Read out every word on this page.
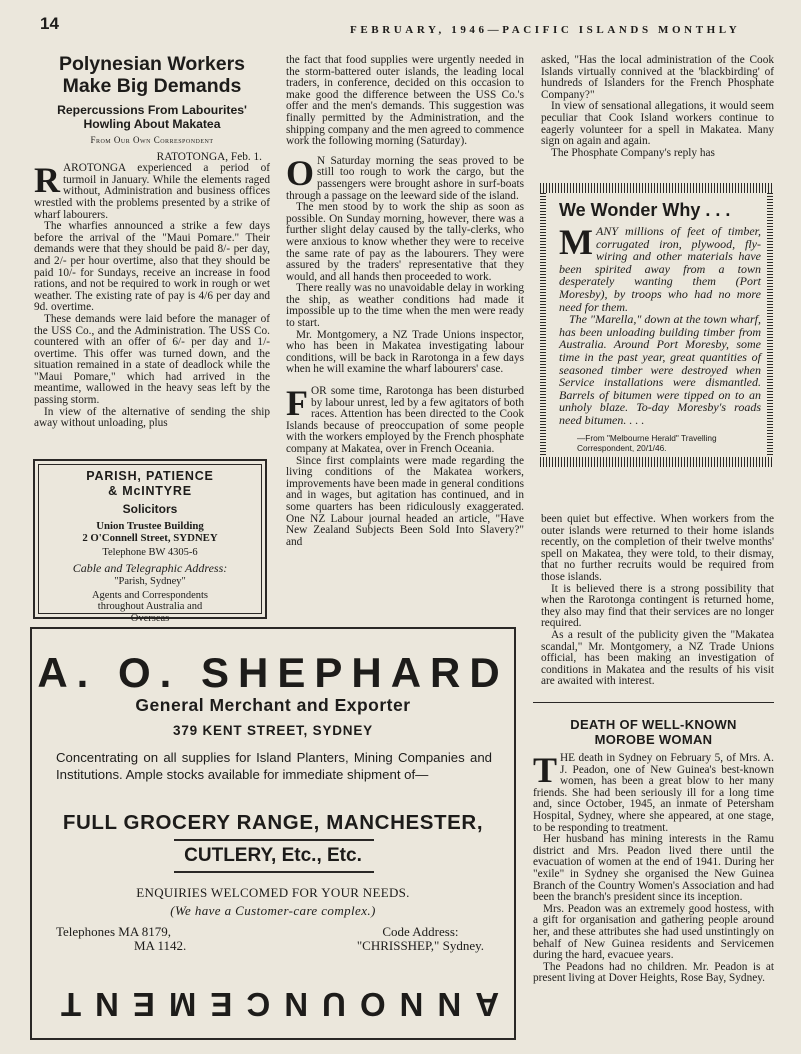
14	FEBRUARY, 1946—PACIFIC ISLANDS MONTHLY
Polynesian Workers
Make Big Demands
Repercussions From Labourites'
Howling About Makatea
From Our Own Correspondent
RATOTONGA, Feb. 1.

RAROTONGA experienced a period of turmoil in January. While the elements raged without, Administration and business offices wrestled with the problems presented by a strike of wharf labourers.

The wharfies announced a strike a few days before the arrival of the "Maui Pomare." Their demands were that they should be paid 8/- per day, and 2/- per hour overtime, also that they should be paid 10/- for Sundays, receive an increase in food rations, and not be required to work in rough or wet weather. The existing rate of pay is 4/6 per day and 9d. overtime.

These demands were laid before the manager of the USS Co., and the Administration. The USS Co. countered with an offer of 6/- per day and 1/- overtime. This offer was turned down, and the situation remained in a state of deadlock while the "Maui Pomare," which had arrived in the meantime, wallowed in the heavy seas left by the passing storm.

In view of the alternative of sending the ship away without unloading, plus

PARISH, PATIENCE
& McINTYRE
Solicitors
Union Trustee Building
2 O'Connell Street, SYDNEY
Telephone BW 4305-6
Cable and Telegraphic Address:
"Parish, Sydney"
Agents and Correspondents
throughout Australia and
Overseas

the fact that food supplies were urgently needed in the storm-battered outer islands, the leading local traders, in conference, decided on this occasion to make good the difference between the USS Co.'s offer and the men's demands. This suggestion was finally permitted by the Administration, and the shipping company and the men agreed to commence work the following morning (Saturday).

O N Saturday morning the seas proved to be still too rough to work the cargo, but the passengers were brought ashore in surf-boats through a passage on the leeward side of the island.

The men stood by to work the ship as soon as possible. On Sunday morning, however, there was a further slight delay caused by the tally-clerks, who were anxious to know whether they were to receive the same rate of pay as the labourers. They were assured by the traders' representative that they would, and all hands then proceeded to work.

There really was no unavoidable delay in working the ship, as weather conditions had made it impossible up to the time when the men were ready to start.

Mr. Montgomery, a NZ Trade Unions inspector, who has been in Makatea investigating labour conditions, will be back in Rarotonga in a few days when he will examine the wharf labourers' case.

FOR some time, Rarotonga has been disturbed by labour unrest, led by a few agitators of both races. Attention has been directed to the Cook Islands because of preoccupation of some people with the workers employed by the French phosphate company at Makatea, over in French Oceania.

Since first complaints were made regarding the living conditions of the Makatea workers, improvements have been made in general conditions and in wages, but agitation has continued, and in some quarters has been ridiculously exaggerated. One NZ Labour journal headed an article, "Have New Zealand Subjects Been Sold Into Slavery?" and

asked, "Has the local administration of the Cook Islands virtually connived at the 'blackbirding' of hundreds of Islanders for the French Phosphate Company?"

In view of sensational allegations, it would seem peculiar that Cook Island workers continue to eagerly volunteer for a spell in Makatea. Many sign on again and again.

The Phosphate Company's reply has

We Wonder Why . . .

MANY millions of feet of timber, corrugated iron, plywood, fly-wiring and other materials have been spirited away from a town desperately wanting them (Port Moresby), by troops who had no more need for them.

The "Marella," down at the town wharf, has been unloading building timber from Australia. Around Port Moresby, some time in the past year, great quantities of seasoned timber were destroyed when Service installations were dismantled. Barrels of bitumen were tipped on to an unholy blaze. To-day Moresby's roads need bitumen. . . .

—From "Melbourne Herald" Travelling
Correspondent, 20/1/46.

been quiet but effective. When workers from the outer islands were returned to their home islands recently, on the completion of their twelve months' spell on Makatea, they were told, to their dismay, that no further recruits would be required from those islands.

It is believed there is a strong possibility that when the Rarotonga contingent is returned home, they also may find that their services are no longer required.

As a result of the publicity given the "Makatea scandal," Mr. Montgomery, a NZ Trade Unions official, has been making an investigation of conditions in Makatea and the results of his visit are awaited with interest.

A. O. SHEPHARD
General Merchant and Exporter
379 KENT STREET, SYDNEY
Concentrating on all supplies for Island Planters, Mining Companies and Institutions. Ample stocks available for immediate shipment of—
FULL GROCERY RANGE, MANCHESTER,
CUTLERY, Etc., Etc.
ENQUIRIES WELCOMED FOR YOUR NEEDS.
(We have a Customer-care complex.)
Telephones MA 8179,
MA 1142.
Code Address:
"CHRISSHEP," Sydney.
ANNOUNCEMENT
DEATH OF WELL-KNOWN
MOROBE WOMAN

THE death in Sydney on February 5, of Mrs. A. J. Peadon, one of New Guinea's best-known women, has been a great blow to her many friends. She had been seriously ill for a long time and, since October, 1945, an inmate of Petersham Hospital, Sydney, where she appeared, at one stage, to be responding to treatment.

Her husband has mining interests in the Ramu district and Mrs. Peadon lived there until the evacuation of women at the end of 1941. During her "exile" in Sydney she organised the New Guinea Branch of the Country Women's Association and had been the branch's president since its inception.

Mrs. Peadon was an extremely good hostess, with a gift for organisation and gathering people around her, and these attributes she had used unstintingly on behalf of New Guinea residents and Servicemen during the hard, evacuee years.

The Peadons had no children. Mr. Peadon is at present living at Dover Heights, Rose Bay, Sydney.
